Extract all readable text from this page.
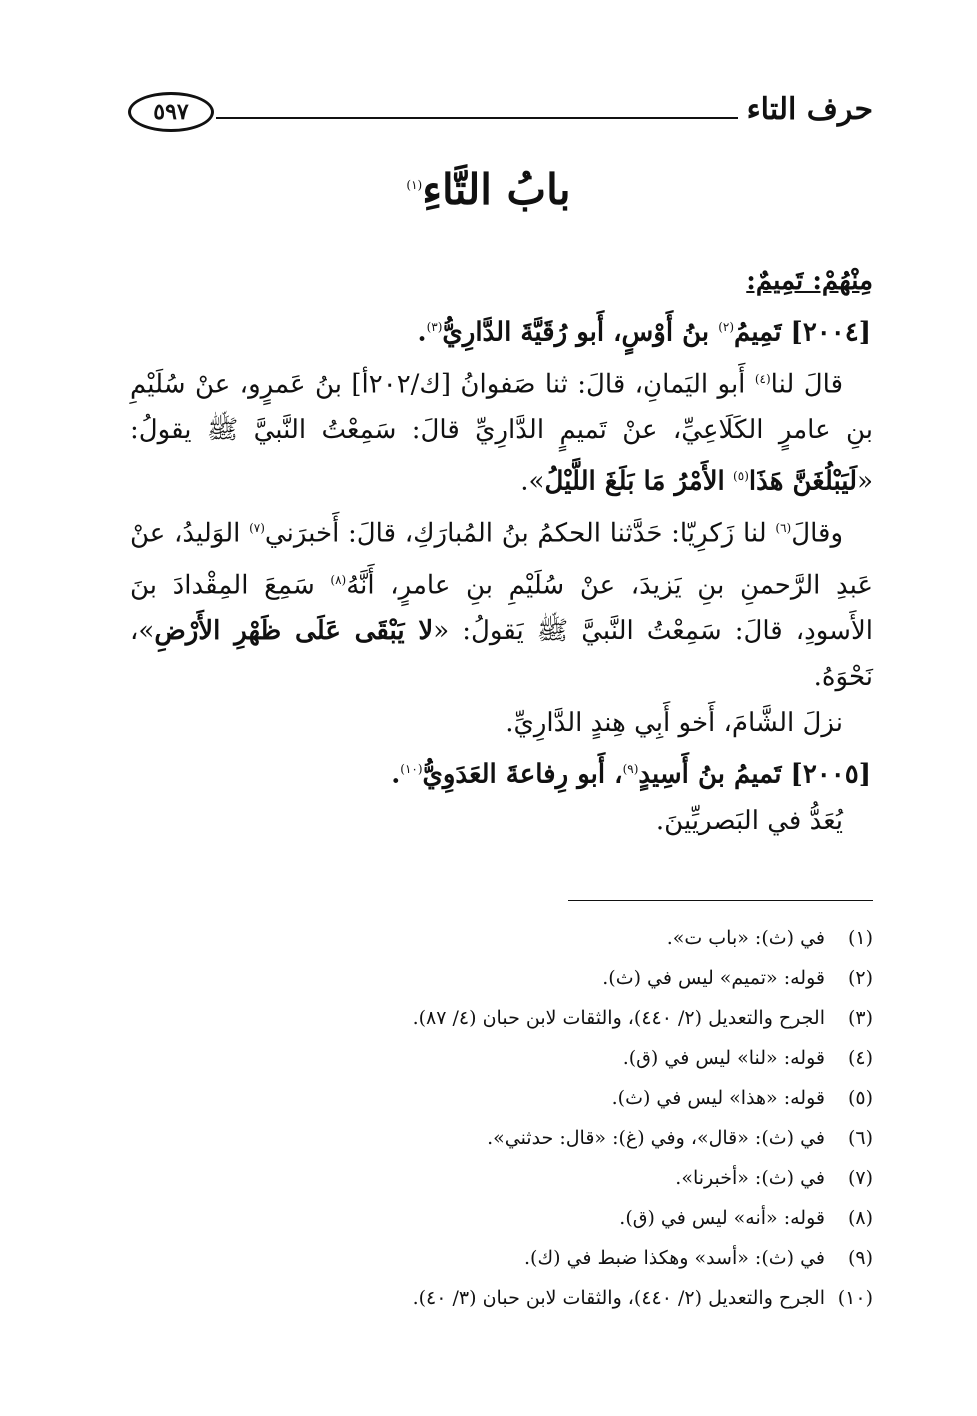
حرف التاء
٥٩٧
بابُ التَّاءِ$^{(١)}$

مِنْهُمْ: تَمِيمٌ:

[٢٠٠٤] تَمِيمُ$^{(٢)}$ بنُ أَوْسٍ، أَبو رُقَيَّةَ الدَّارِيُّ$^{(٣)}$.

قالَ لنا$^{(٤)}$ أَبو اليَمانِ، قالَ: ثنا صَفوانُ [ك/٢٠٢أ] بنُ عَمرٍو، عنْ سُلَيْمِ بنِ عامرٍ الكَلَاعِيِّ، عنْ تَميمٍ الدَّارِيِّ قالَ: سَمِعْتُ النَّبيَّ ﷺ يقولُ: «لَيَبْلُغَنَّ هَذَا$^{(٥)}$ الأَمْرُ مَا بَلَغَ اللَّيْلُ».

وقالَ$^{(٦)}$ لنا زَكرِيّا: حَدَّثنا الحكمُ بنُ المُبارَكِ، قالَ: أَخبرَني$^{(٧)}$ الوَليدُ، عنْ عَبدِ الرَّحمنِ بنِ يَزيدَ، عنْ سُلَيْمِ بنِ عامرٍ، أَنَّهُ$^{(٨)}$ سَمِعَ المِقْدادَ بنَ الأَسودِ، قالَ: سَمِعْتُ النَّبيَّ ﷺ يَقولُ: «لا يَبْقَى عَلَى ظَهْرِ الأَرْضِ»، نَحْوَهُ.

نزلَ الشَّامَ، أَخو أَبِي هِندٍ الدَّارِيِّ.

[٢٠٠٥] تَميمُ بنُ أَسِيدٍ$^{(٩)}$، أَبو رِفاعةَ العَدَوِيُّ$^{(١٠)}$.

يُعَدُّ في البَصريِّينَ.

(١)في (ث): «باب ت».
(٢)قوله: «تميم» ليس في (ث).
(٣)الجرح والتعديل (٢/ ٤٤٠)، والثقات لابن حبان (٤/ ٨٧).
(٤)قوله: «لنا» ليس في (ق).
(٥)قوله: «هذا» ليس في (ث).
(٦)في (ث): «قال»، وفي (غ): «قال: حدثني».
(٧)في (ث): «أخبرنا».
(٨)قوله: «أنه» ليس في (ق).
(٩)في (ث): «أسد» وهكذا ضبط في (ك).
(١٠)الجرح والتعديل (٢/ ٤٤٠)، والثقات لابن حبان (٣/ ٤٠).
